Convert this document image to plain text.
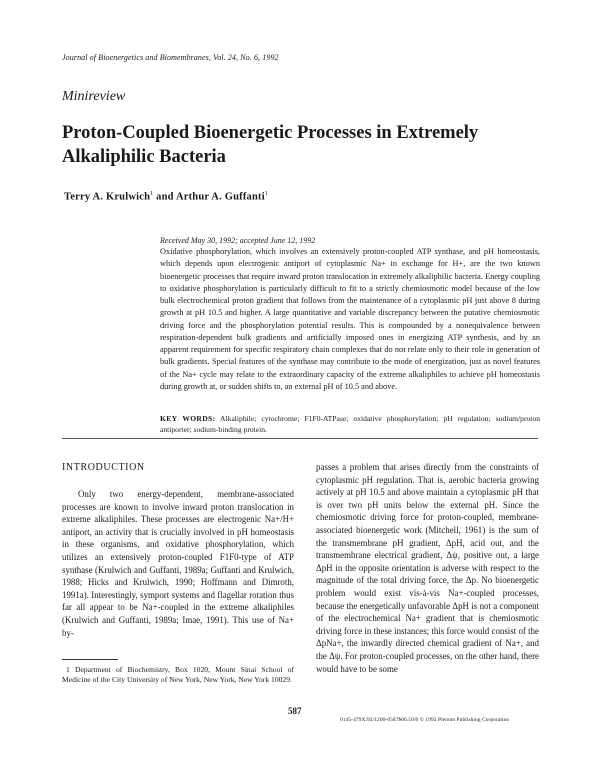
Journal of Bioenergetics and Biomembranes, Vol. 24, No. 6, 1992
Minireview
Proton-Coupled Bioenergetic Processes in Extremely Alkaliphilic Bacteria
Terry A. Krulwich$^1$ and Arthur A. Guffanti$^1$
Received May 30, 1992; accepted June 12, 1992

Oxidative phosphorylation, which involves an extensively proton-coupled ATP synthase, and pH homeostasis, which depends upon electrogenic antiport of cytoplasmic Na+ in exchange for H+, are the two known bioenergetic processes that require inward proton translocation in extremely alkaliphilic bacteria. Energy coupling to oxidative phosphorylation is particularly difficult to fit to a strictly chemiosmotic model because of the low bulk electrochemical proton gradient that follows from the maintenance of a cytoplasmic pH just above 8 during growth at pH 10.5 and higher. A large quantitative and variable discrepancy between the putative chemiosmotic driving force and the phosphorylation potential results. This is compounded by a nonequivalence between respiration-dependent bulk gradients and artificially imposed ones in energizing ATP synthesis, and by an apparent requirement for specific respiratory chain complexes that do not relate only to their role in generation of bulk gradients. Special features of the synthase may contribute to the mode of energization, just as novel features of the Na+ cycle may relate to the extraordinary capacity of the extreme alkaliphiles to achieve pH homeostasis during growth at, or sudden shifts to, an external pH of 10.5 and above.

KEY WORDS: Alkaliphile; cytochrome; F1F0-ATPase; oxidative phosphorylation; pH regulation; sodium/proton antiporter; sodium-binding protein.

INTRODUCTION

Only two energy-dependent, membrane-associated processes are known to involve inward proton translocation in extreme alkaliphiles. These processes are electrogenic Na+/H+ antiport, an activity that is crucially involved in pH homeostasis in these organisms, and oxidative phosphorylation, which utilizes an extensively proton-coupled F1F0-type of ATP synthase (Krulwich and Guffanti, 1989a; Guffanti and Krulwich, 1988; Hicks and Krulwich, 1990; Hoffmann and Dimroth, 1991a). Interestingly, symport systems and flagellar rotation thus far all appear to be Na+-coupled in the extreme alkaliphiles (Krulwich and Guffanti, 1989a; Imae, 1991). This use of Na+ by-

passes a problem that arises directly from the constraints of cytoplasmic pH regulation. That is, aerobic bacteria growing actively at pH 10.5 and above maintain a cytoplasmic pH that is over two pH units below the external pH. Since the chemiosmotic driving force for proton-coupled, membrane-associated bioenergetic work (Mitchell, 1961) is the sum of the transmembrane pH gradient, ΔpH, acid out, and the transmembrane electrical gradient, Δψ, positive out, a large ΔpH in the opposite orientation is adverse with respect to the magnitude of the total driving force, the Δp. No bioenergetic problem would exist vis-à-vis Na+-coupled processes, because the energetically unfavorable ΔpH is not a component of the electrochemical Na+ gradient that is chemiosmotic driving force in these instances; this force would consist of the ΔpNa+, the inwardly directed chemical gradient of Na+, and the Δψ. For proton-coupled processes, on the other hand, there would have to be some

1 Department of Biochemistry, Box 1020, Mount Sinai School of Medicine of the City University of New York, New York, New York 10029.

587
0145-479X/92/1200-0587$06.50/0 © 1992 Plenum Publishing Corporation
